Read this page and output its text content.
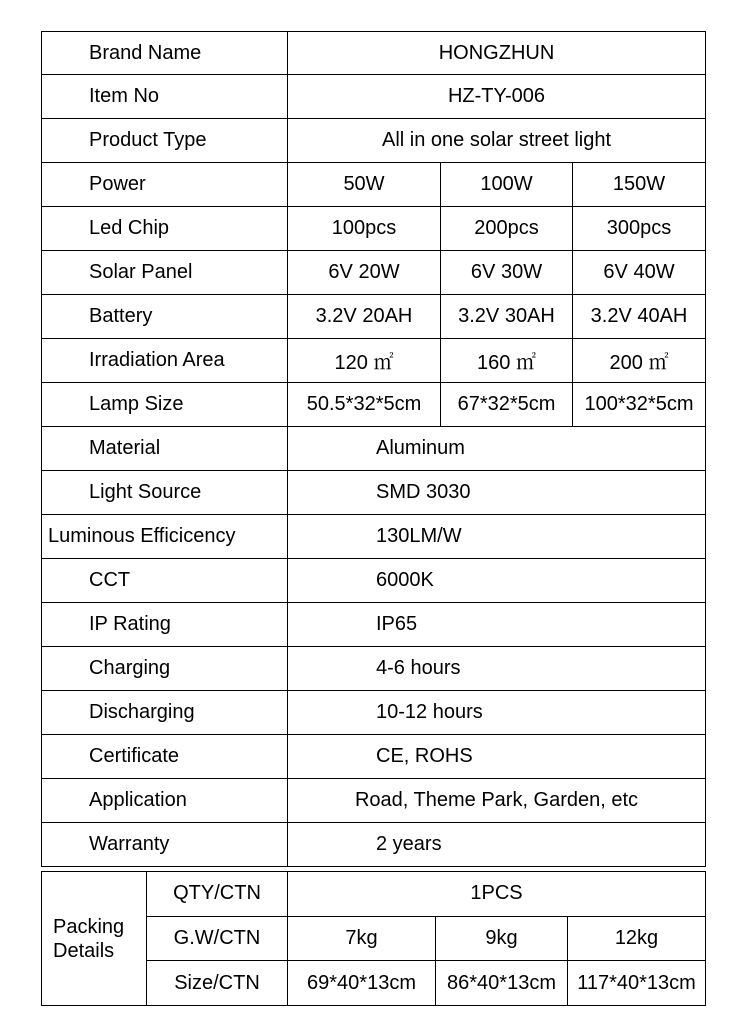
Brand Name	HONGZHUN		
Item No	HZ-TY-006		
Product Type	All in one solar street light		
Power	50W	100W	150W
Led Chip	100pcs	200pcs	300pcs
Solar Panel	6V 20W	6V 30W	6V 40W
Battery	3.2V 20AH	3.2V 30AH	3.2V 40AH
Irradiation Area	120 ㎡	160 ㎡	200 ㎡
Lamp Size	50.5*32*5cm	67*32*5cm	100*32*5cm
Material	Aluminum		
Light Source	SMD 3030		
Luminous Efficicency	130LM/W		
CCT	6000K		
IP Rating	IP65		
Charging	4-6 hours		
Discharging	10-12 hours		
Certificate	CE, ROHS		
Application	Road, Theme Park, Garden, etc		
Warranty	2 years		
Packing Details	QTY/CTN	1PCS		
	G.W/CTN	7kg	9kg	12kg
	Size/CTN	69*40*13cm	86*40*13cm	117*40*13cm
